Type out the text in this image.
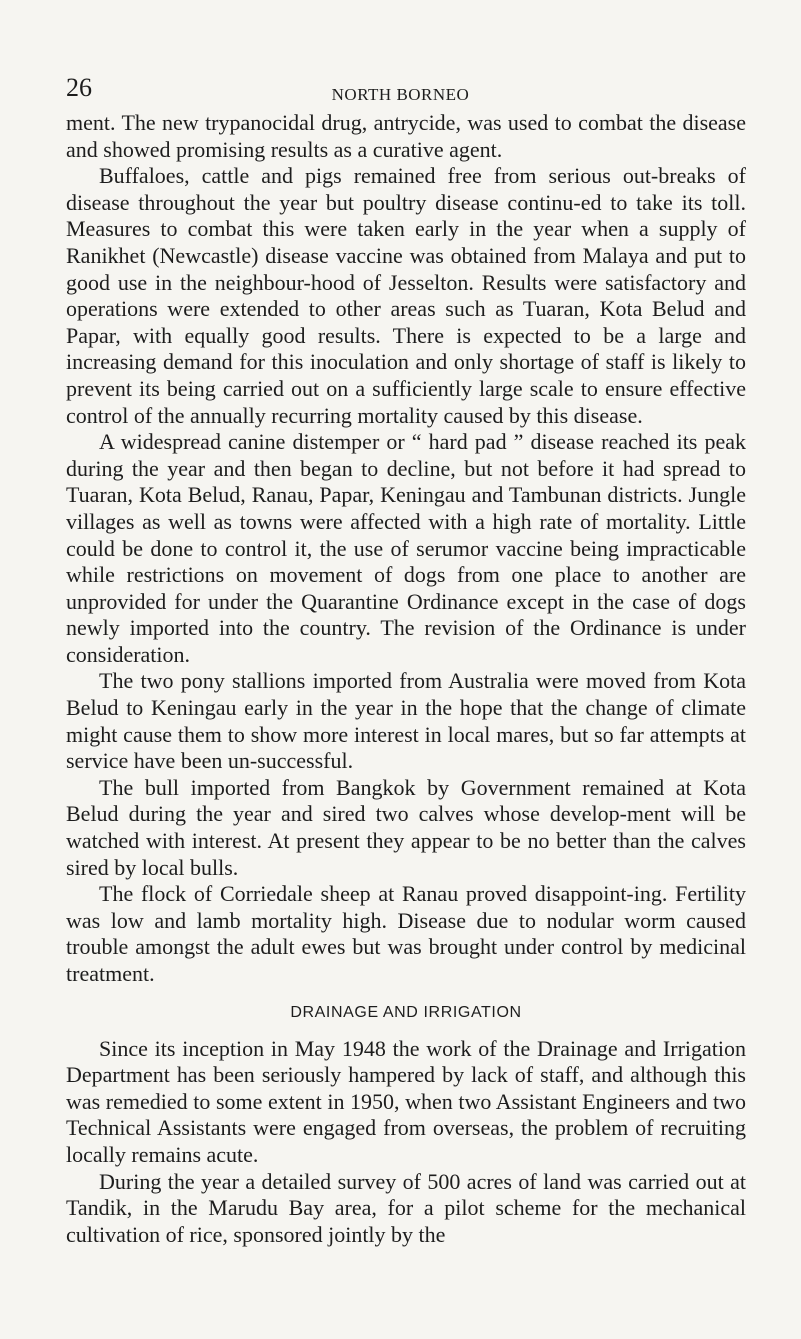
26	NORTH BORNEO

ment. The new trypanocidal drug, antrycide, was used to combat the disease and showed promising results as a curative agent.

Buffaloes, cattle and pigs remained free from serious out-breaks of disease throughout the year but poultry disease continu-ed to take its toll. Measures to combat this were taken early in the year when a supply of Ranikhet (Newcastle) disease vaccine was obtained from Malaya and put to good use in the neighbour-hood of Jesselton. Results were satisfactory and operations were extended to other areas such as Tuaran, Kota Belud and Papar, with equally good results. There is expected to be a large and increasing demand for this inoculation and only shortage of staff is likely to prevent its being carried out on a sufficiently large scale to ensure effective control of the annually recurring mortality caused by this disease.

A widespread canine distemper or “ hard pad ” disease reached its peak during the year and then began to decline, but not before it had spread to Tuaran, Kota Belud, Ranau, Papar, Keningau and Tambunan districts. Jungle villages as well as towns were affected with a high rate of mortality. Little could be done to control it, the use of serumor vaccine being impracticable while restrictions on movement of dogs from one place to another are unprovided for under the Quarantine Ordinance except in the case of dogs newly imported into the country. The revision of the Ordinance is under consideration.

The two pony stallions imported from Australia were moved from Kota Belud to Keningau early in the year in the hope that the change of climate might cause them to show more interest in local mares, but so far attempts at service have been un-successful.

The bull imported from Bangkok by Government remained at Kota Belud during the year and sired two calves whose develop-ment will be watched with interest. At present they appear to be no better than the calves sired by local bulls.

The flock of Corriedale sheep at Ranau proved disappoint-ing. Fertility was low and lamb mortality high. Disease due to nodular worm caused trouble amongst the adult ewes but was brought under control by medicinal treatment.

DRAINAGE AND IRRIGATION

Since its inception in May 1948 the work of the Drainage and Irrigation Department has been seriously hampered by lack of staff, and although this was remedied to some extent in 1950, when two Assistant Engineers and two Technical Assistants were engaged from overseas, the problem of recruiting locally remains acute.

During the year a detailed survey of 500 acres of land was carried out at Tandik, in the Marudu Bay area, for a pilot scheme for the mechanical cultivation of rice, sponsored jointly by the
